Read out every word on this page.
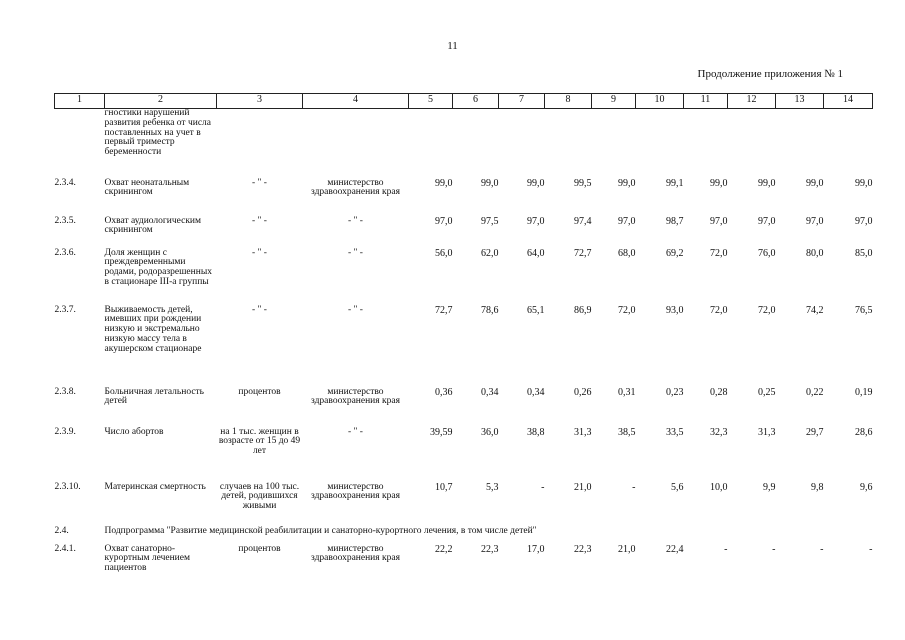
11
Продолжение приложения № 1
1	2	3	4	5	6	7	8	9	10	11	12	13	14
	гностики нарушений развития ребенка от числа поставленных на учет в первый триместр беременности												
2.3.4.	Охват неонатальным скринингом	- " -	министерство здравоохранения края	99,0	99,0	99,0	99,5	99,0	99,1	99,0	99,0	99,0	99,0
2.3.5.	Охват аудиологическим скринингом	- " -	- " -	97,0	97,5	97,0	97,4	97,0	98,7	97,0	97,0	97,0	97,0
2.3.6.	Доля женщин с преждевременными родами, родоразрешенных в стационаре III-а группы	- " -	- " -	56,0	62,0	64,0	72,7	68,0	69,2	72,0	76,0	80,0	85,0
2.3.7.	Выживаемость детей, имевших при рождении низкую и экстремально низкую массу тела в акушерском стационаре	- " -	- " -	72,7	78,6	65,1	86,9	72,0	93,0	72,0	72,0	74,2	76,5
2.3.8.	Больничная летальность детей	процентов	министерство здравоохранения края	0,36	0,34	0,34	0,26	0,31	0,23	0,28	0,25	0,22	0,19
2.3.9.	Число абортов	на 1 тыс. женщин в возрасте от 15 до 49 лет	- " -	39,59	36,0	38,8	31,3	38,5	33,5	32,3	31,3	29,7	28,6
2.3.10.	Материнская смертность	случаев на 100 тыс. детей, родившихся живыми	министерство здравоохранения края	10,7	5,3	-	21,0	-	5,6	10,0	9,9	9,8	9,6
2.4.	Подпрограмма "Развитие медицинской реабилитации и санаторно-курортного лечения, в том числе детей"												
2.4.1.	Охват санаторно-курортным лечением пациентов	процентов	министерство здравоохранения края	22,2	22,3	17,0	22,3	21,0	22,4	-	-	-	-
